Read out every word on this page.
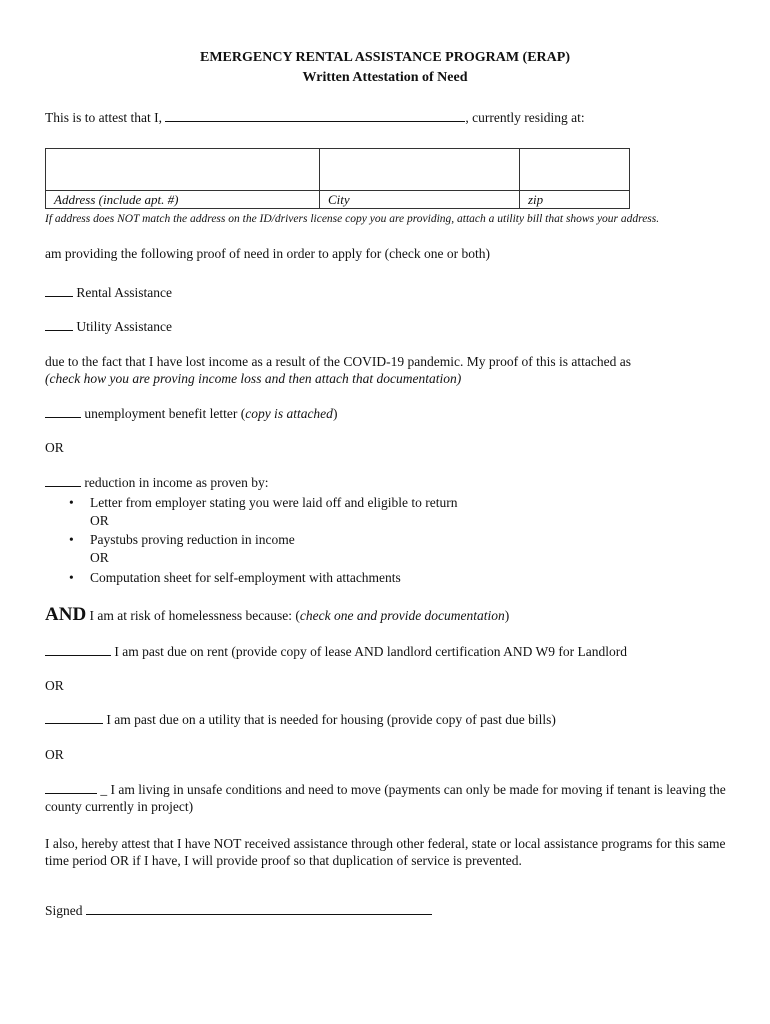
EMERGENCY RENTAL ASSISTANCE PROGRAM (ERAP)
Written Attestation of Need
This is to attest that I,	, currently residing at:

Address (include apt. #)	City	zip
If address does NOT match the address on the ID/drivers license copy you are providing, attach a utility bill that shows your address.
am providing the following proof of need in order to apply for (check one or both)
Rental Assistance
Utility Assistance
due to the fact that I have lost income as a result of the COVID-19 pandemic. My proof of this is attached as
(check how you are proving income loss and then attach that documentation)
unemployment benefit letter (copy is attached)
OR
reduction in income as proven by:
• Letter from employer stating you were laid off and eligible to return
OR
• Paystubs proving reduction in income
OR
• Computation sheet for self-employment with attachments
AND I am at risk of homelessness because: (check one and provide documentation)
I am past due on rent (provide copy of lease AND landlord certification AND W9 for Landlord
OR
I am past due on a utility that is needed for housing (provide copy of past due bills)
OR
_ I am living in unsafe conditions and need to move (payments can only be made for moving if tenant is leaving the county currently in project)
I also, hereby attest that I have NOT received assistance through other federal, state or local assistance programs for this same time period OR if I have, I will provide proof so that duplication of service is prevented.
Signed
